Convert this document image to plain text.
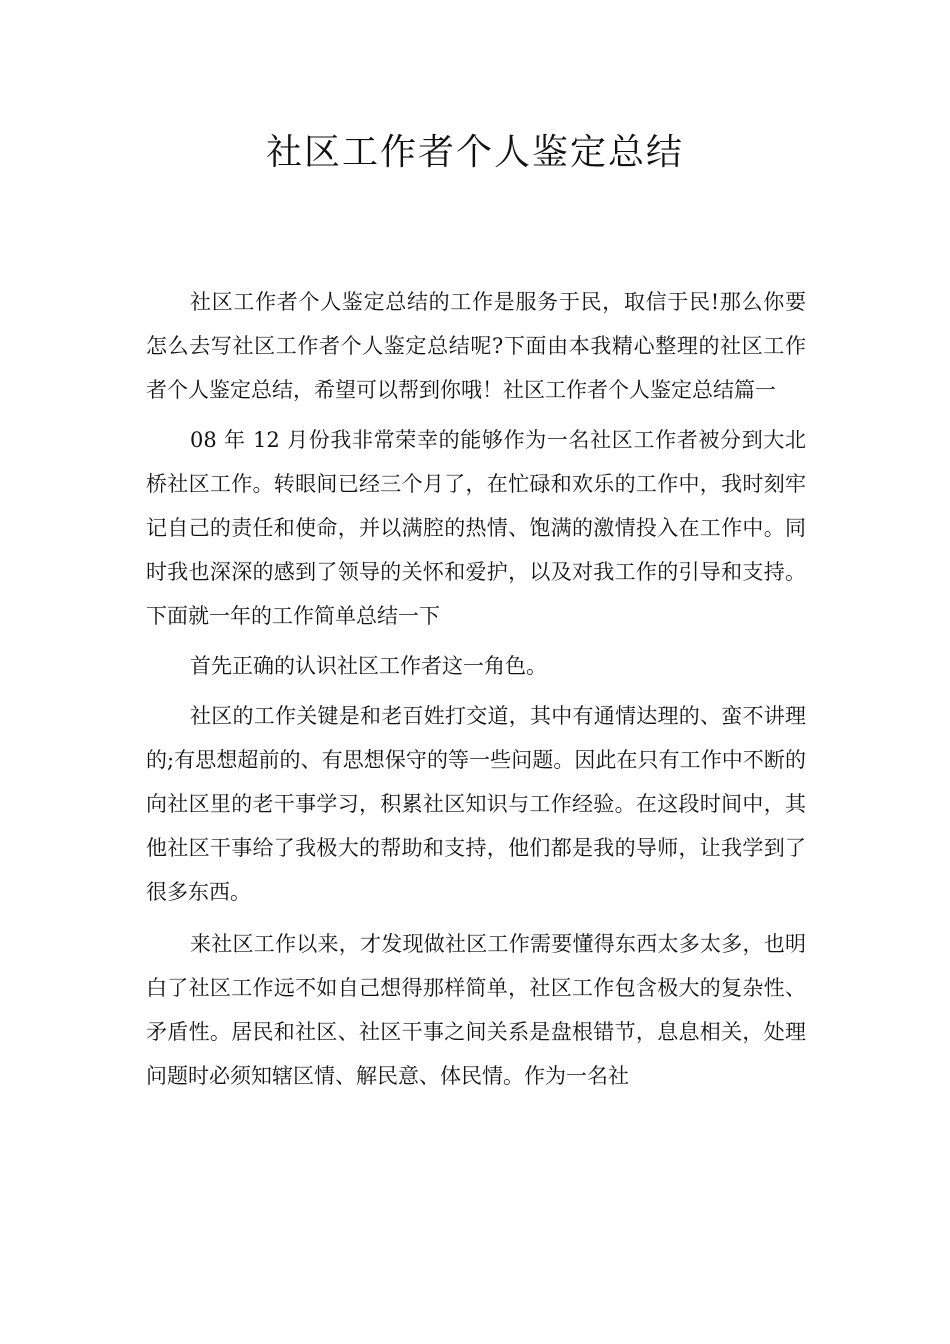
社区工作者个人鉴定总结

社区工作者个人鉴定总结的工作是服务于民，取信于民!那么你要怎么去写社区工作者个人鉴定总结呢?下面由本我精心整理的社区工作者个人鉴定总结，希望可以帮到你哦！社区工作者个人鉴定总结篇一

08 年 12 月份我非常荣幸的能够作为一名社区工作者被分到大北桥社区工作。转眼间已经三个月了，在忙碌和欢乐的工作中，我时刻牢记自己的责任和使命，并以满腔的热情、饱满的激情投入在工作中。同时我也深深的感到了领导的关怀和爱护，以及对我工作的引导和支持。下面就一年的工作简单总结一下

首先正确的认识社区工作者这一角色。

社区的工作关键是和老百姓打交道，其中有通情达理的、蛮不讲理的;有思想超前的、有思想保守的等一些问题。因此在只有工作中不断的向社区里的老干事学习，积累社区知识与工作经验。在这段时间中，其他社区干事给了我极大的帮助和支持，他们都是我的导师，让我学到了很多东西。

来社区工作以来，才发现做社区工作需要懂得东西太多太多，也明白了社区工作远不如自己想得那样简单，社区工作包含极大的复杂性、矛盾性。居民和社区、社区干事之间关系是盘根错节，息息相关，处理问题时必须知辖区情、解民意、体民情。作为一名社
